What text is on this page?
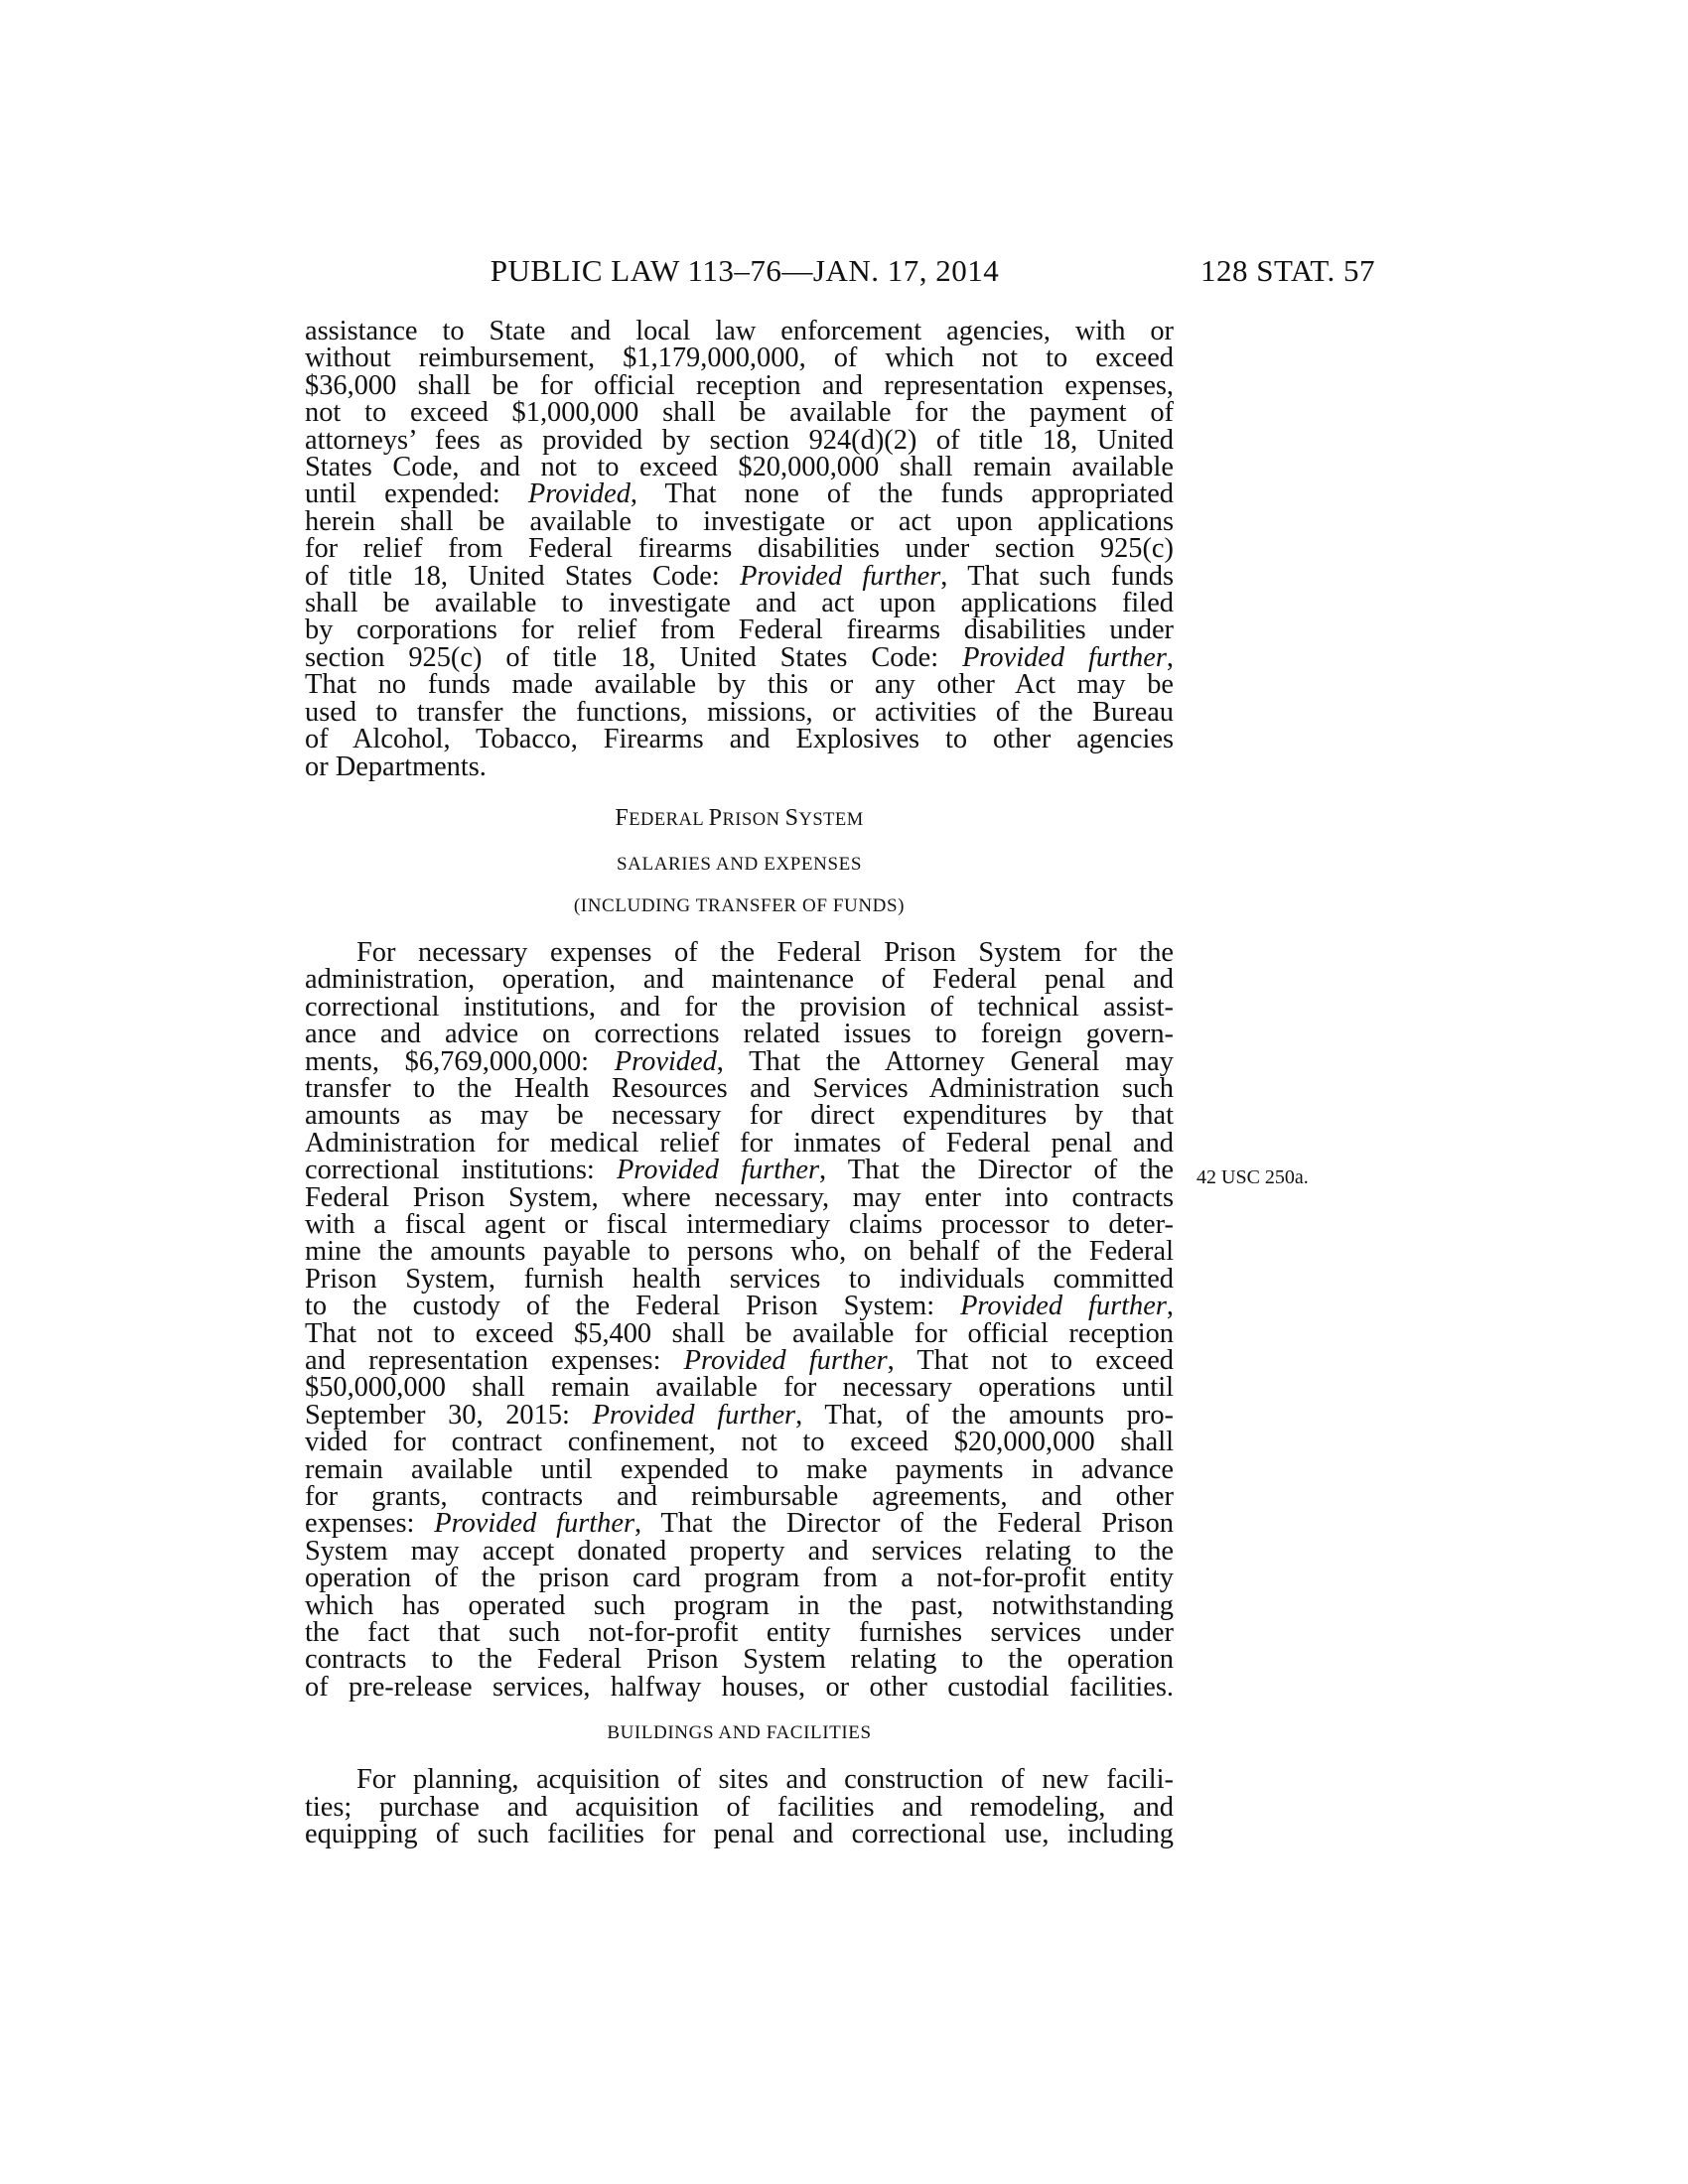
PUBLIC LAW 113–76—JAN. 17, 2014	128 STAT. 57
42 USC 250a.

assistance to State and local law enforcement agencies, with or
without reimbursement, $1,179,000,000, of which not to exceed
$36,000 shall be for official reception and representation expenses,
not to exceed $1,000,000 shall be available for the payment of
attorneys’ fees as provided by section 924(d)(2) of title 18, United
States Code, and not to exceed $20,000,000 shall remain available
until expended: Provided, That none of the funds appropriated
herein shall be available to investigate or act upon applications
for relief from Federal firearms disabilities under section 925(c)
of title 18, United States Code: Provided further, That such funds
shall be available to investigate and act upon applications filed
by corporations for relief from Federal firearms disabilities under
section 925(c) of title 18, United States Code: Provided further,
That no funds made available by this or any other Act may be
used to transfer the functions, missions, or activities of the Bureau
of Alcohol, Tobacco, Firearms and Explosives to other agencies
or Departments.

FEDERAL PRISON SYSTEM

SALARIES AND EXPENSES

(INCLUDING TRANSFER OF FUNDS)

For necessary expenses of the Federal Prison System for the
administration, operation, and maintenance of Federal penal and
correctional institutions, and for the provision of technical assist-
ance and advice on corrections related issues to foreign govern-
ments, $6,769,000,000: Provided, That the Attorney General may
transfer to the Health Resources and Services Administration such
amounts as may be necessary for direct expenditures by that
Administration for medical relief for inmates of Federal penal and
correctional institutions: Provided further, That the Director of the
Federal Prison System, where necessary, may enter into contracts
with a fiscal agent or fiscal intermediary claims processor to deter-
mine the amounts payable to persons who, on behalf of the Federal
Prison System, furnish health services to individuals committed
to the custody of the Federal Prison System: Provided further,
That not to exceed $5,400 shall be available for official reception
and representation expenses: Provided further, That not to exceed
$50,000,000 shall remain available for necessary operations until
September 30, 2015: Provided further, That, of the amounts pro-
vided for contract confinement, not to exceed $20,000,000 shall
remain available until expended to make payments in advance
for grants, contracts and reimbursable agreements, and other
expenses: Provided further, That the Director of the Federal Prison
System may accept donated property and services relating to the
operation of the prison card program from a not-for-profit entity
which has operated such program in the past, notwithstanding
the fact that such not-for-profit entity furnishes services under
contracts to the Federal Prison System relating to the operation
of pre-release services, halfway houses, or other custodial facilities.

BUILDINGS AND FACILITIES

For planning, acquisition of sites and construction of new facili-
ties; purchase and acquisition of facilities and remodeling, and
equipping of such facilities for penal and correctional use, including
